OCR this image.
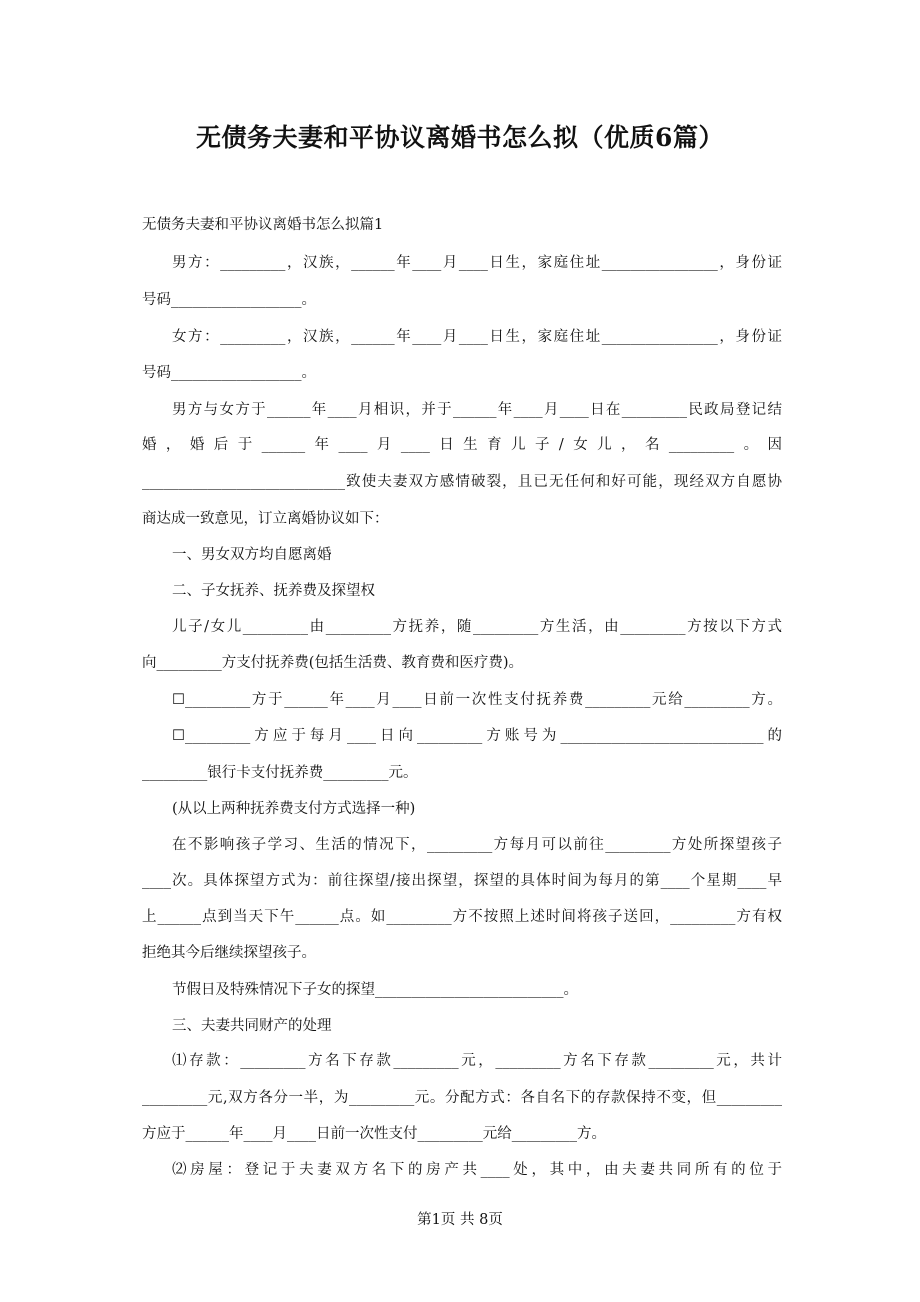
无债务夫妻和平协议离婚书怎么拟（优质6篇）
无债务夫妻和平协议离婚书怎么拟篇1
男方：_________，汉族，______年____月____日生，家庭住址________________，身份证
号码__________________。
女方：_________，汉族，______年____月____日生，家庭住址________________，身份证
号码__________________。
男方与女方于______年____月相识，并于______年____月____日在_________民政局登记结
婚，婚后于______年____月____日生育儿子/女儿，名_________。因
____________________________致使夫妻双方感情破裂，且已无任何和好可能，现经双方自愿协
商达成一致意见，订立离婚协议如下：
一、男女双方均自愿离婚
二、子女抚养、抚养费及探望权
儿子/女儿_________由_________方抚养，随_________方生活，由_________方按以下方式
向_________方支付抚养费(包括生活费、教育费和医疗费)。
☐_________方于______年____月____日前一次性支付抚养费_________元给_________方。
☐_________方应于每月____日向_________方账号为____________________________的
_________银行卡支付抚养费_________元。
(从以上两种抚养费支付方式选择一种)
在不影响孩子学习、生活的情况下，_________方每月可以前往_________方处所探望孩子
____次。具体探望方式为：前往探望/接出探望，探望的具体时间为每月的第____个星期____早
上______点到当天下午______点。如_________方不按照上述时间将孩子送回，_________方有权
拒绝其今后继续探望孩子。
节假日及特殊情况下子女的探望__________________________。
三、夫妻共同财产的处理
⑴存款：_________方名下存款_________元，_________方名下存款_________元，共计
_________元,双方各分一半，为_________元。分配方式：各自名下的存款保持不变，但_________
方应于______年____月____日前一次性支付_________元给_________方。
⑵房屋：登记于夫妻双方名下的房产共____处，其中，由夫妻共同所有的位于
第1页 共 8页
